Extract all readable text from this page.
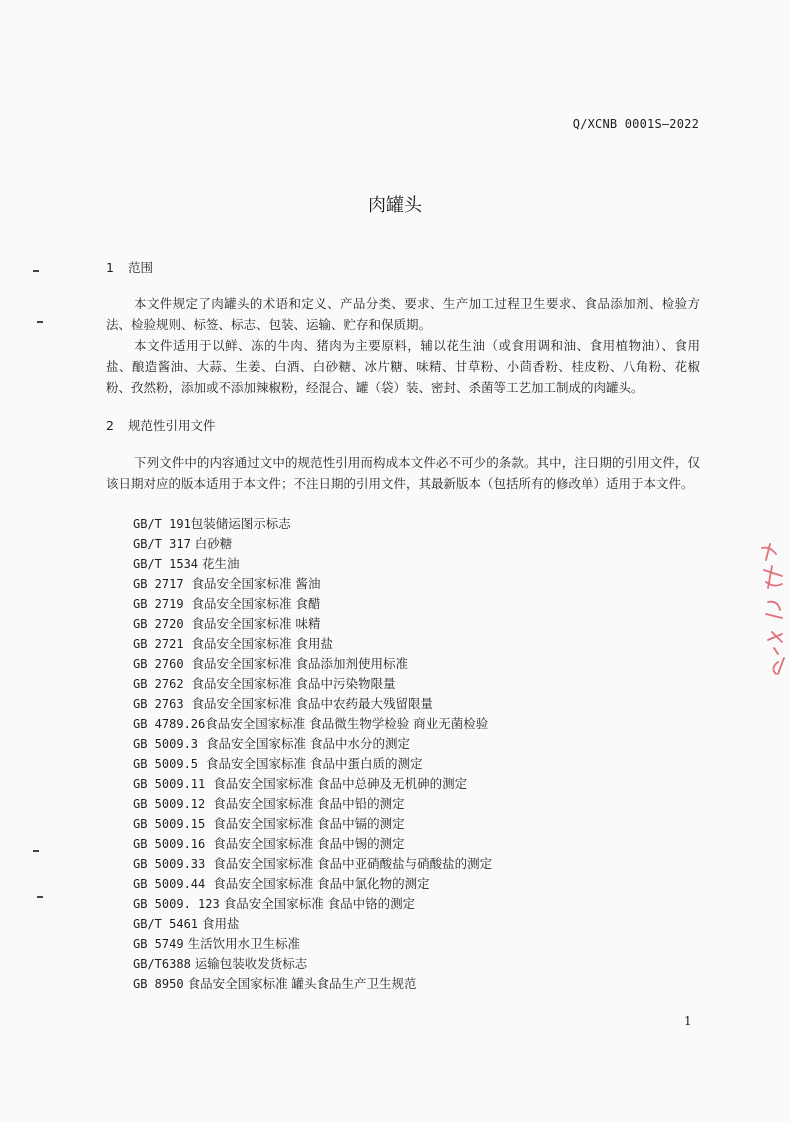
Q/XCNB 0001S—2022
肉罐头
1 范围

本文件规定了肉罐头的术语和定义、产品分类、要求、生产加工过程卫生要求、食品添加剂、检验方法、检验规则、标签、标志、包装、运输、贮存和保质期。

本文件适用于以鲜、冻的牛肉、猪肉为主要原料，辅以花生油（或食用调和油、食用植物油）、食用盐、酿造酱油、大蒜、生姜、白酒、白砂糖、冰片糖、味精、甘草粉、小茴香粉、桂皮粉、八角粉、花椒粉、孜然粉，添加或不添加辣椒粉，经混合、罐（袋）装、密封、杀菌等工艺加工制成的肉罐头。

2 规范性引用文件

下列文件中的内容通过文中的规范性引用而构成本文件必不可少的条款。其中，注日期的引用文件，仅该日期对应的版本适用于本文件；不注日期的引用文件，其最新版本（包括所有的修改单）适用于本文件。

GB/T 191包装储运图示标志
GB/T 317 白砂糖
GB/T 1534 花生油
GB 2717 食品安全国家标准 酱油
GB 2719 食品安全国家标准 食醋
GB 2720 食品安全国家标准 味精
GB 2721 食品安全国家标准 食用盐
GB 2760 食品安全国家标准 食品添加剂使用标准
GB 2762 食品安全国家标准 食品中污染物限量
GB 2763 食品安全国家标准 食品中农药最大残留限量
GB 4789.26食品安全国家标准 食品微生物学检验 商业无菌检验
GB 5009.3 食品安全国家标准 食品中水分的测定
GB 5009.5 食品安全国家标准 食品中蛋白质的测定
GB 5009.11 食品安全国家标准 食品中总砷及无机砷的测定
GB 5009.12 食品安全国家标准 食品中铅的测定
GB 5009.15 食品安全国家标准 食品中镉的测定
GB 5009.16 食品安全国家标准 食品中锡的测定
GB 5009.33 食品安全国家标准 食品中亚硝酸盐与硝酸盐的测定
GB 5009.44 食品安全国家标准 食品中氯化物的测定
GB 5009. 123 食品安全国家标准 食品中铬的测定
GB/T 5461 食用盐
GB 5749 生活饮用水卫生标准
GB/T6388 运输包装收发货标志
GB 8950 食品安全国家标准 罐头食品生产卫生规范
1
